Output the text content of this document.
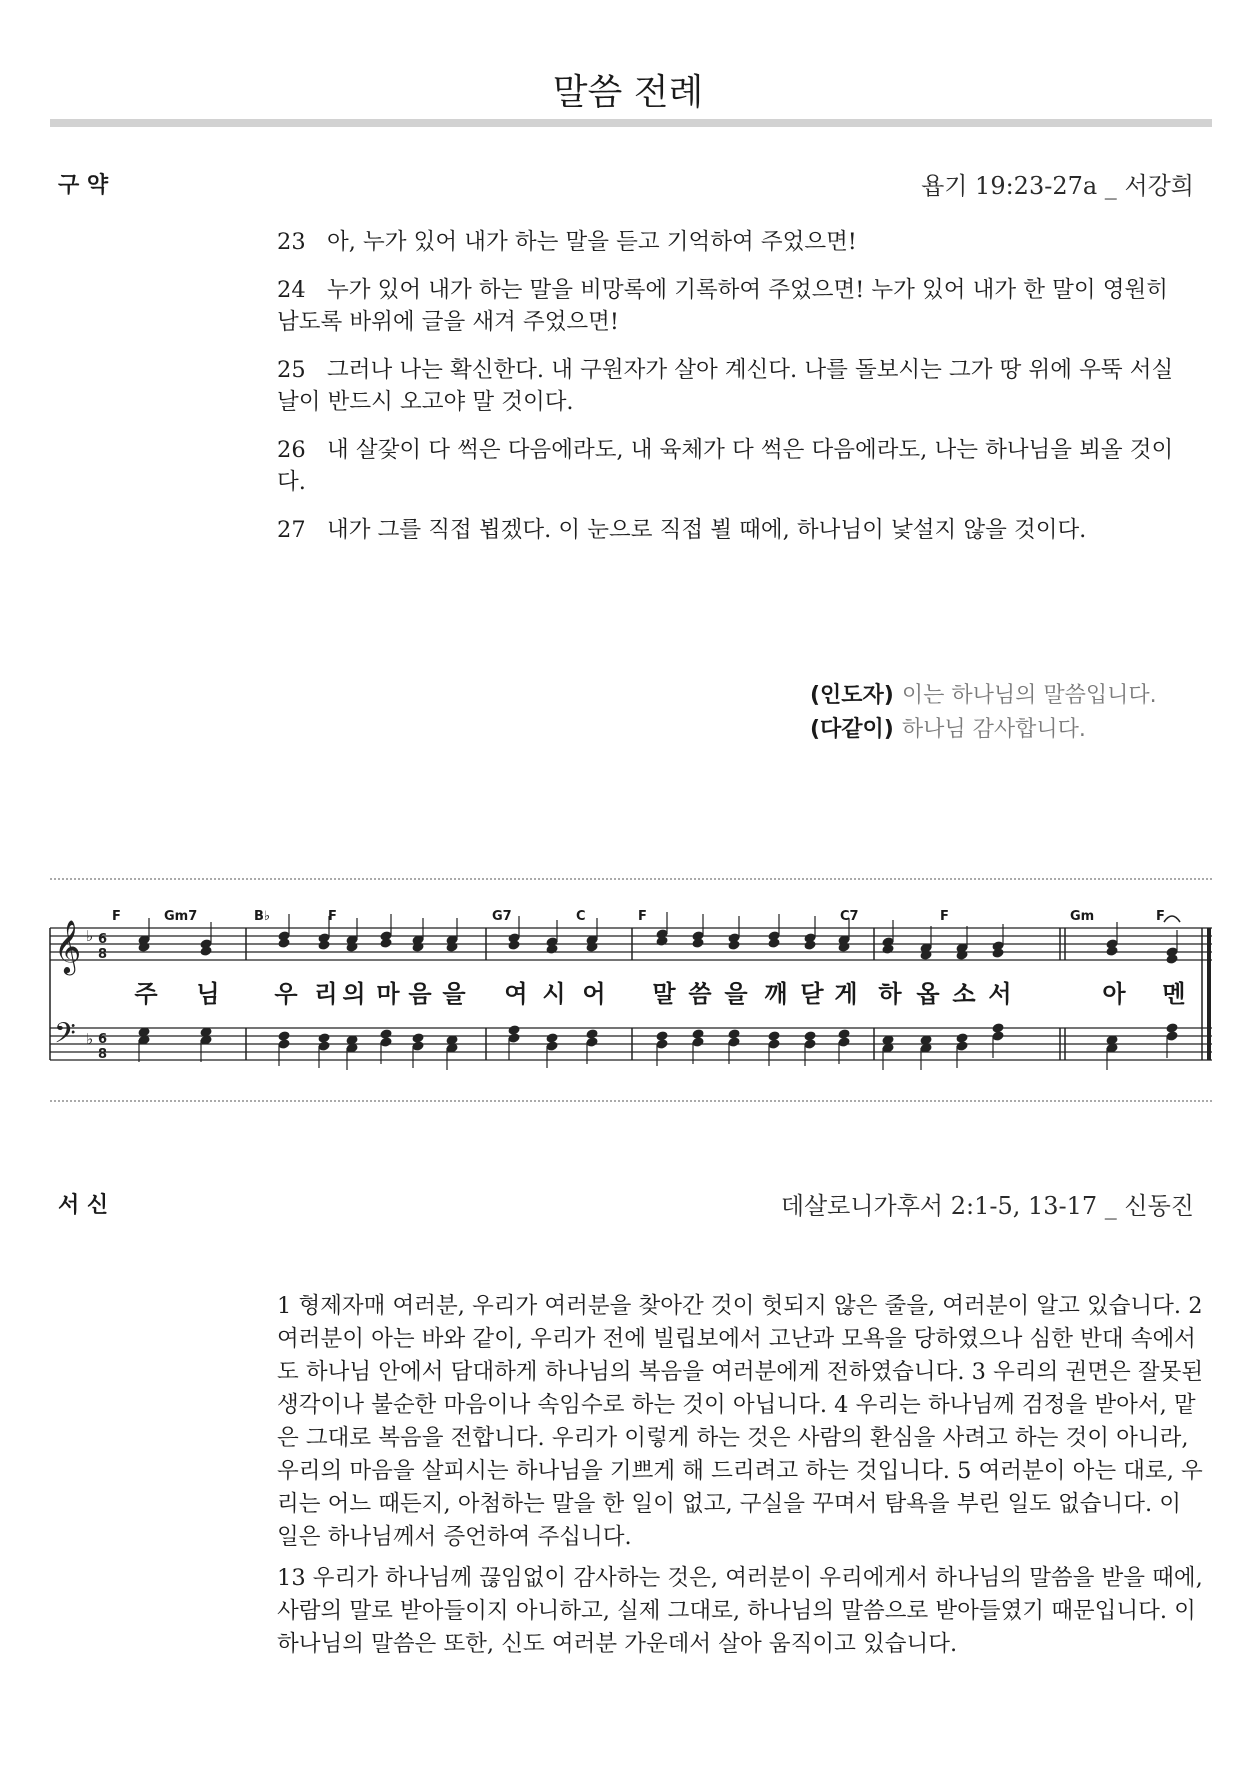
말씀 전례
구 약	욥기 19:23-27a _ 서강희

23 아, 누가 있어 내가 하는 말을 듣고 기억하여 주었으면!

24 누가 있어 내가 하는 말을 비망록에 기록하여 주었으면! 누가 있어 내가 한 말이 영원히 남도록 바위에 글을 새겨 주었으면!

25 그러나 나는 확신한다. 내 구원자가 살아 계신다. 나를 돌보시는 그가 땅 위에 우뚝 서실 날이 반드시 오고야 말 것이다.

26 내 살갗이 다 썩은 다음에라도, 내 육체가 다 썩은 다음에라도, 나는 하나님을 뵈올 것이다.

27 내가 그를 직접 뵙겠다. 이 눈으로 직접 뵐 때에, 하나님이 낯설지 않을 것이다.

(인도자) 이는 하나님의 말씀입니다.
(다같이) 하나님 감사합니다.
𝄞
𝄢
♭
♭
6
8
6
8
F	Gm7	B♭	F	G7	C	F	C7	F	Gm	F
주 님 우 리 의 마 음 을 여 시 어 말 씀 을 깨 닫 게 하 옵 소 서	아 멘
서 신	데살로니가후서 2:1-5, 13-17 _ 신동진

1 형제자매 여러분, 우리가 여러분을 찾아간 것이 헛되지 않은 줄을, 여러분이 알고 있습니다. 2 여러분이 아는 바와 같이, 우리가 전에 빌립보에서 고난과 모욕을 당하였으나 심한 반대 속에서도 하나님 안에서 담대하게 하나님의 복음을 여러분에게 전하였습니다. 3 우리의 권면은 잘못된 생각이나 불순한 마음이나 속임수로 하는 것이 아닙니다. 4 우리는 하나님께 검정을 받아서, 맡은 그대로 복음을 전합니다. 우리가 이렇게 하는 것은 사람의 환심을 사려고 하는 것이 아니라, 우리의 마음을 살피시는 하나님을 기쁘게 해 드리려고 하는 것입니다. 5 여러분이 아는 대로, 우리는 어느 때든지, 아첨하는 말을 한 일이 없고, 구실을 꾸며서 탐욕을 부린 일도 없습니다. 이 일은 하나님께서 증언하여 주십니다.

13 우리가 하나님께 끊임없이 감사하는 것은, 여러분이 우리에게서 하나님의 말씀을 받을 때에, 사람의 말로 받아들이지 아니하고, 실제 그대로, 하나님의 말씀으로 받아들였기 때문입니다. 이 하나님의 말씀은 또한, 신도 여러분 가운데서 살아 움직이고 있습니다.
